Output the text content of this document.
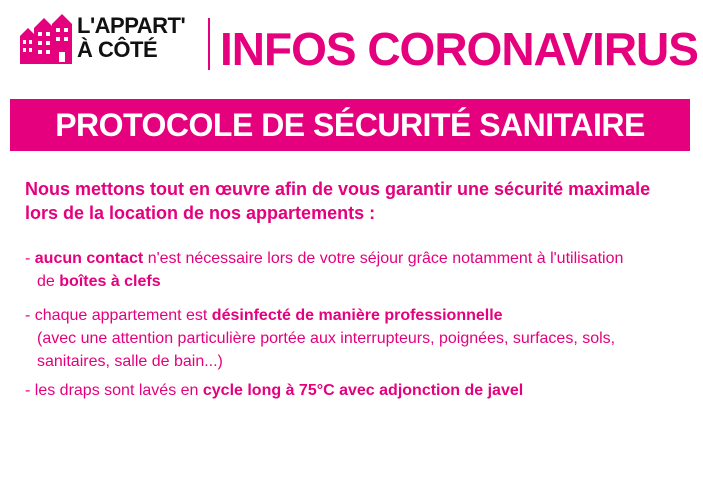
L'APPART'
À CÔTÉ	INFOS CORONAVIRUS
PROTOCOLE DE SÉCURITÉ SANITAIRE
Nous mettons tout en œuvre afin de vous garantir une sécurité maximale
lors de la location de nos appartements :
- aucun contact n'est nécessaire lors de votre séjour grâce notamment à l'utilisation
de boîtes à clefs
- chaque appartement est désinfecté de manière professionnelle
(avec une attention particulière portée aux interrupteurs, poignées, surfaces, sols,
sanitaires, salle de bain...)
- les draps sont lavés en cycle long à 75°C avec adjonction de javel
